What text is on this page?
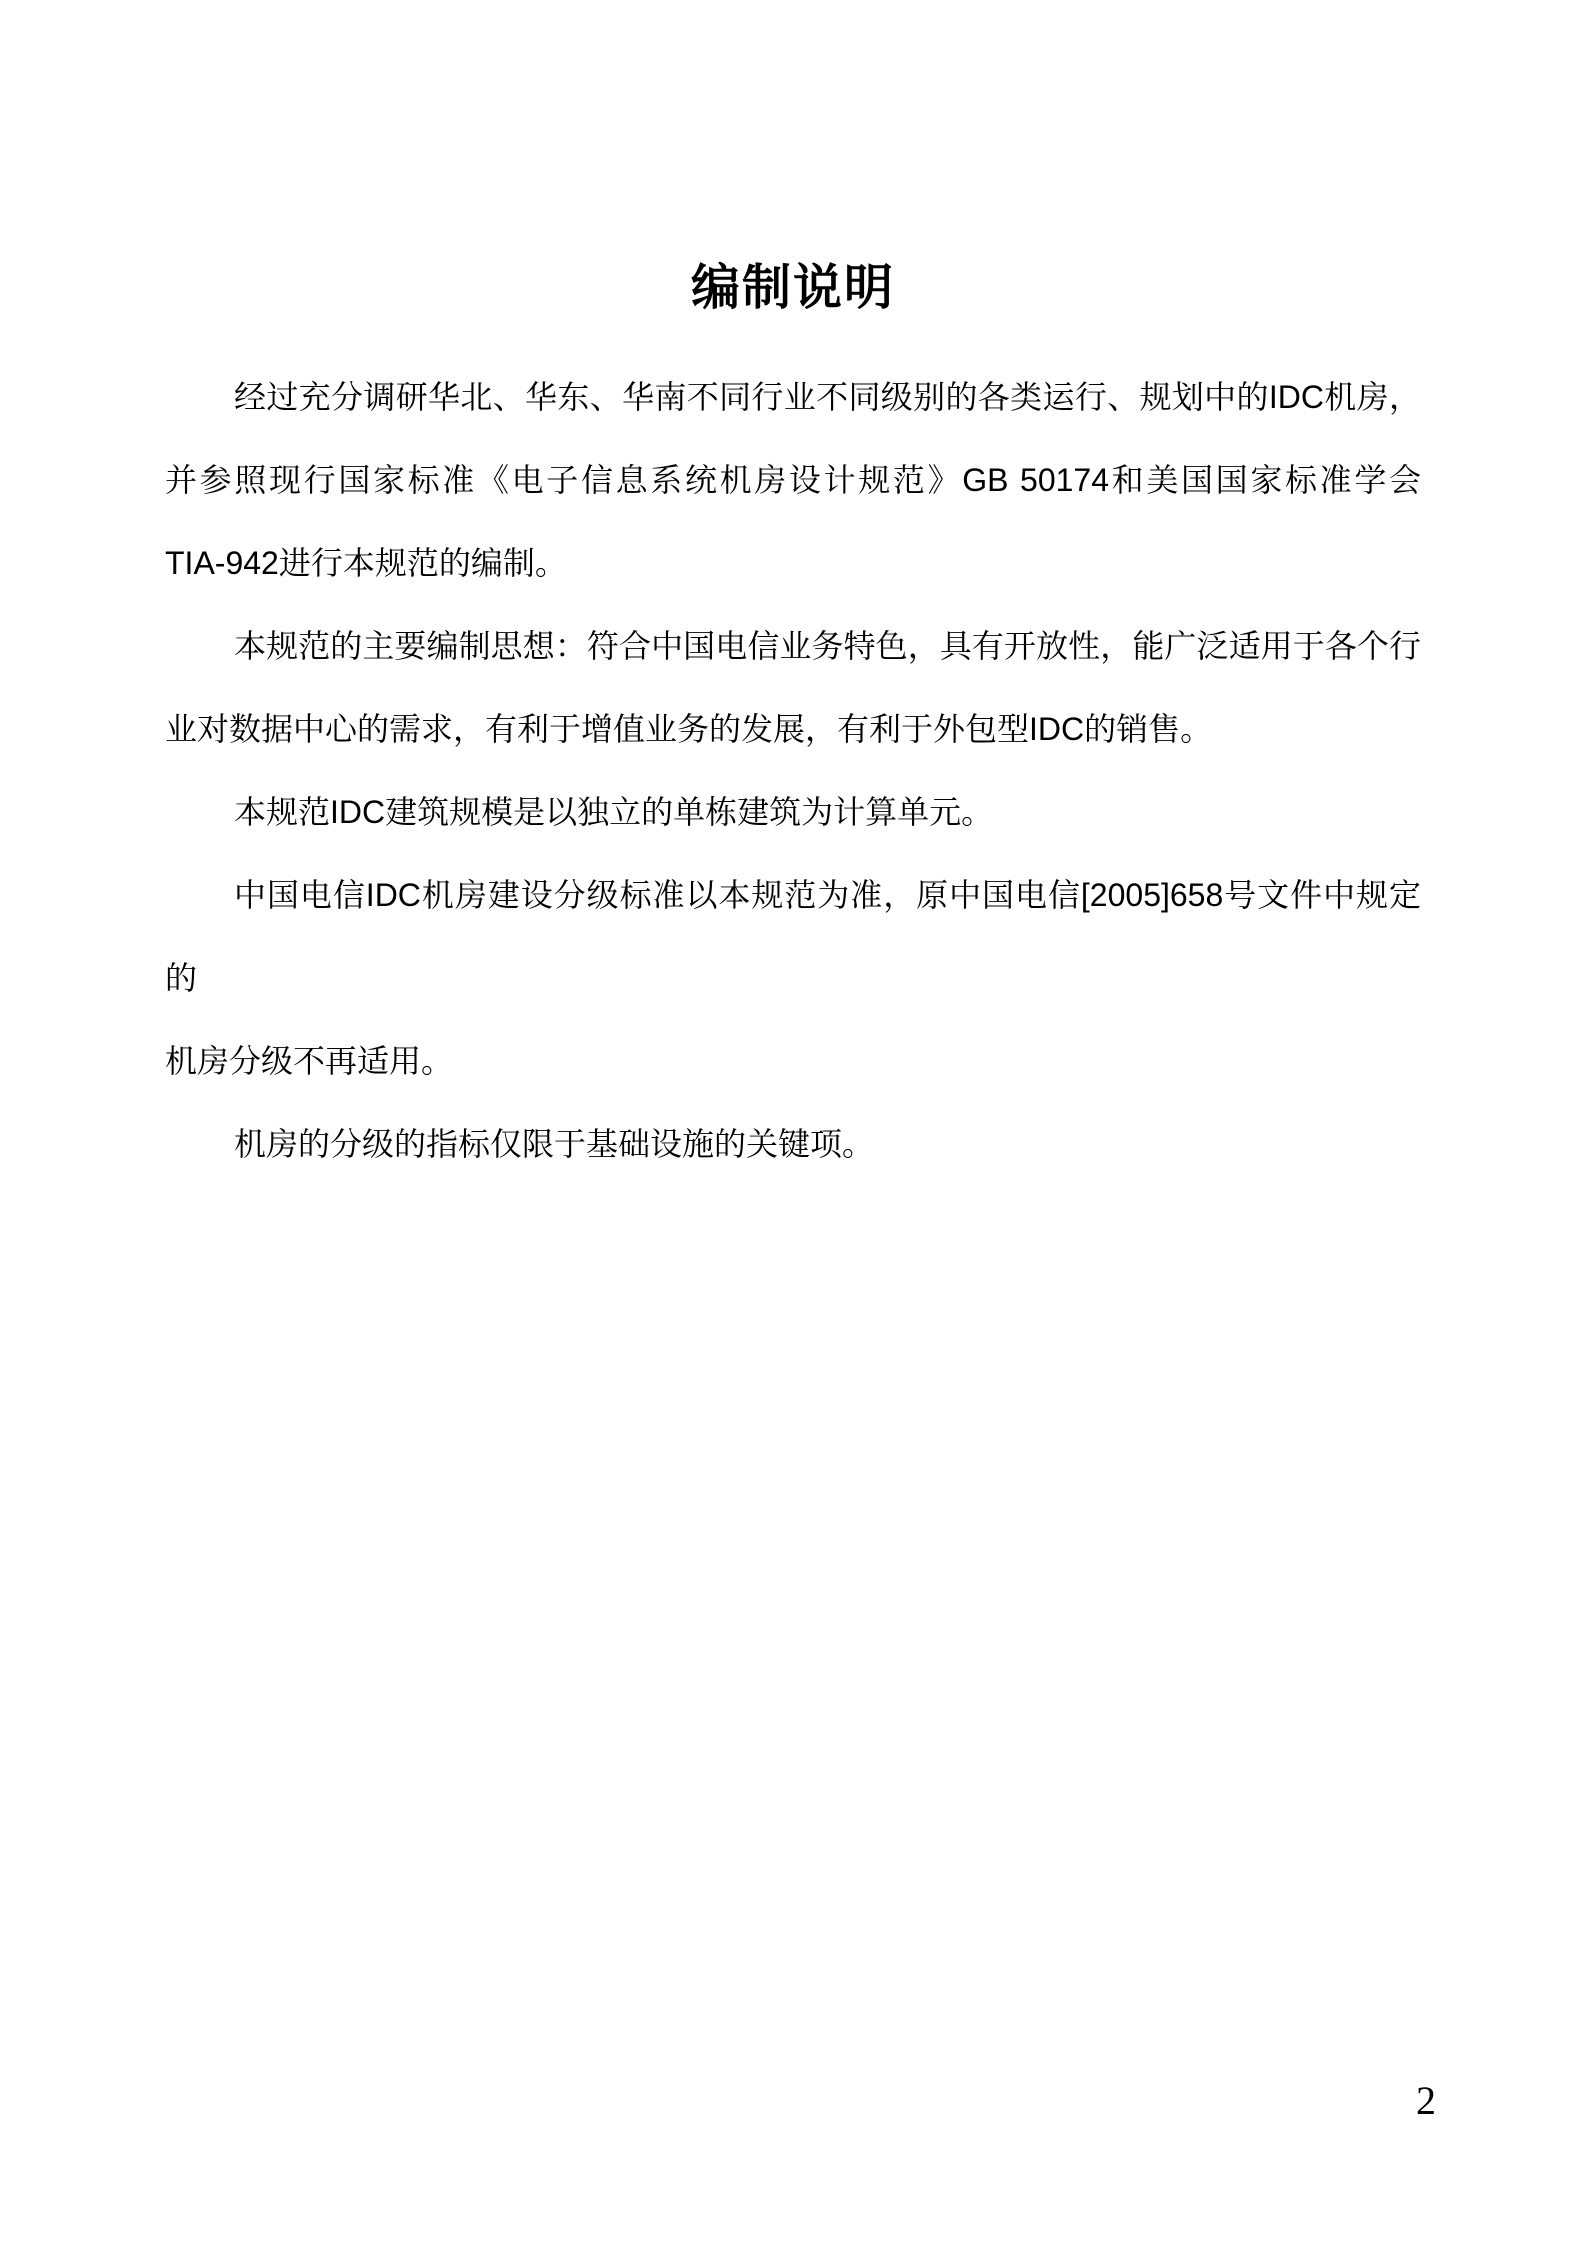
编制说明

经过充分调研华北、华东、华南不同行业不同级别的各类运行、规划中的IDC机房，
并参照现行国家标准《电子信息系统机房设计规范》GB 50174和美国国家标准学会
TIA-942进行本规范的编制。

本规范的主要编制思想：符合中国电信业务特色，具有开放性，能广泛适用于各个行
业对数据中心的需求，有利于增值业务的发展，有利于外包型IDC的销售。

本规范IDC建筑规模是以独立的单栋建筑为计算单元。

中国电信IDC机房建设分级标准以本规范为准，原中国电信[2005]658号文件中规定的
机房分级不再适用。

机房的分级的指标仅限于基础设施的关键项。

2
